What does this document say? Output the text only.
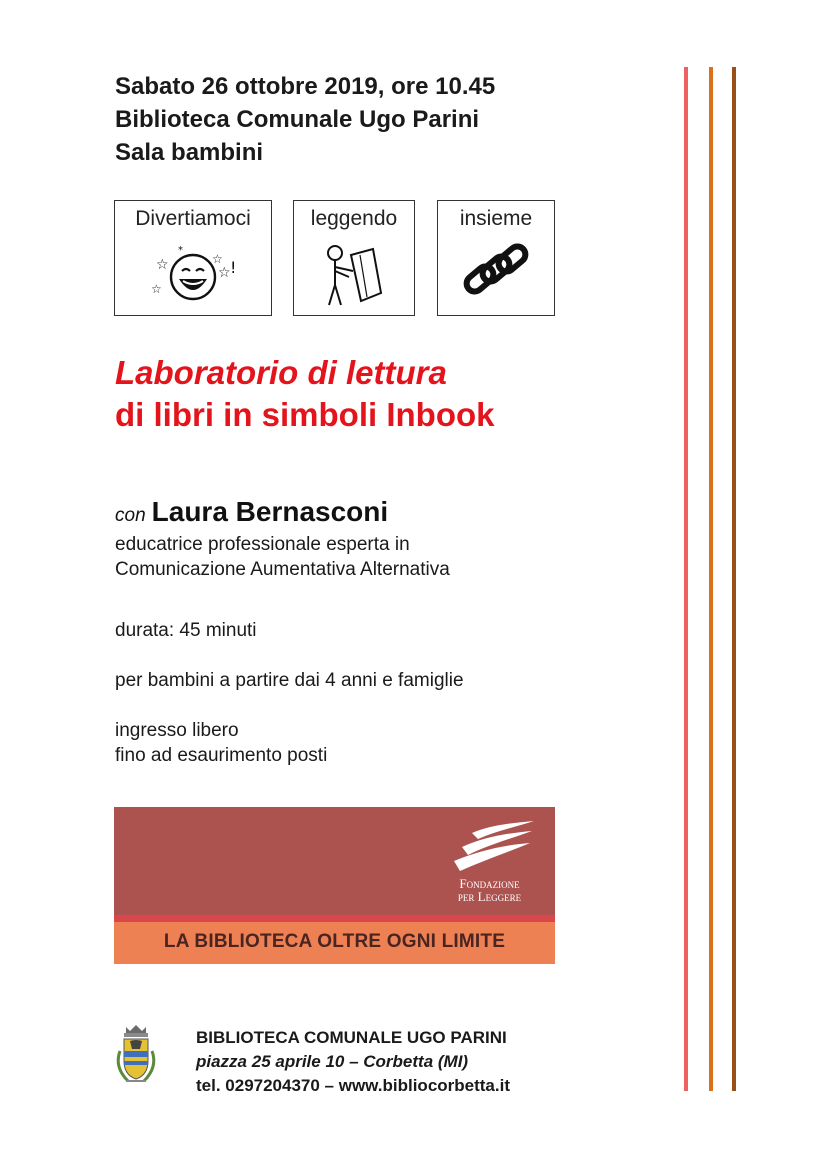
Sabato 26 ottobre 2019, ore 10.45
Biblioteca Comunale Ugo Parini
Sala bambini
Divertiamoci
☆
☆
☆
☆ !
*
leggendo	insieme
Laboratorio di lettura
di libri in simboli Inbook
con Laura Bernasconi
educatrice professionale esperta in
Comunicazione Aumentativa Alternativa
durata: 45 minuti
per bambini a partire dai 4 anni e famiglie
ingresso libero
fino ad esaurimento posti
Fondazione
per Leggere
LA BIBLIOTECA OLTRE OGNI LIMITE
BIBLIOTECA COMUNALE UGO PARINI
piazza 25 aprile 10 – Corbetta (MI)
tel. 0297204370 – www.bibliocorbetta.it
